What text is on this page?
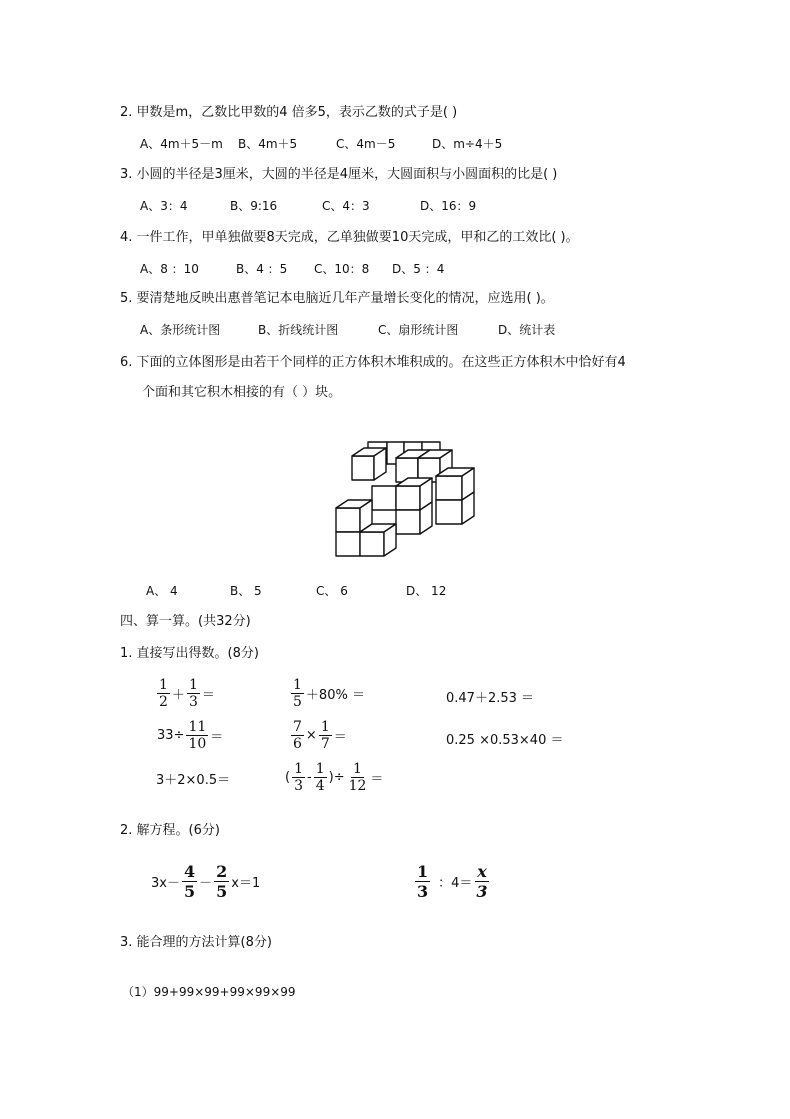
2. 甲数是m，乙数比甲数的4 倍多5，表示乙数的式子是( )
A、4m＋5－m B、4m＋5	C、4m－5	D、m÷4＋5
3. 小圆的半径是3厘米，大圆的半径是4厘米，大圆面积与小圆面积的比是( )
A、3：4	B、9:16	C、4：3	D、16：9
4. 一件工作，甲单独做要8天完成，乙单独做要10天完成，甲和乙的工效比( )。
A、8 ：10	B、4 ：5 C、10：8 D、5 ：4
5. 要清楚地反映出惠普笔记本电脑近几年产量增长变化的情况，应选用( )。
A、条形统计图	B、折线统计图	C、扇形统计图	D、统计表
6. 下面的立体图形是由若干个同样的正方体积木堆积成的。在这些正方体积木中恰好有4
个面和其它积木相接的有（ ）块。
A、 4	B、 5	C、 6	D、 12
四、算一算。(共32分)
1. 直接写出得数。(8分)
$\frac{1}{2} + \frac{1}{3}$ ＝	$\frac{1}{5} +80\%$ ＝	0.47＋2.53 ＝
$33\div \frac{11}{10}$ ＝	$\frac{7}{6} \times \frac{1}{7}$ ＝	0.25 ×0.53×40 ＝
3＋2×0.5＝	( $\frac{1}{3} - \frac{1}{4}$ )÷ $\frac{1}{12}$ ＝
2. 解方程。(6分)
$3x- \frac{4}{5} - \frac{2}{5} x=1$	$\frac{1}{3}$ ：$4= \frac{x}{3}$
3. 能合理的方法计算(8分)
（1）99+99×99+99×99×99
